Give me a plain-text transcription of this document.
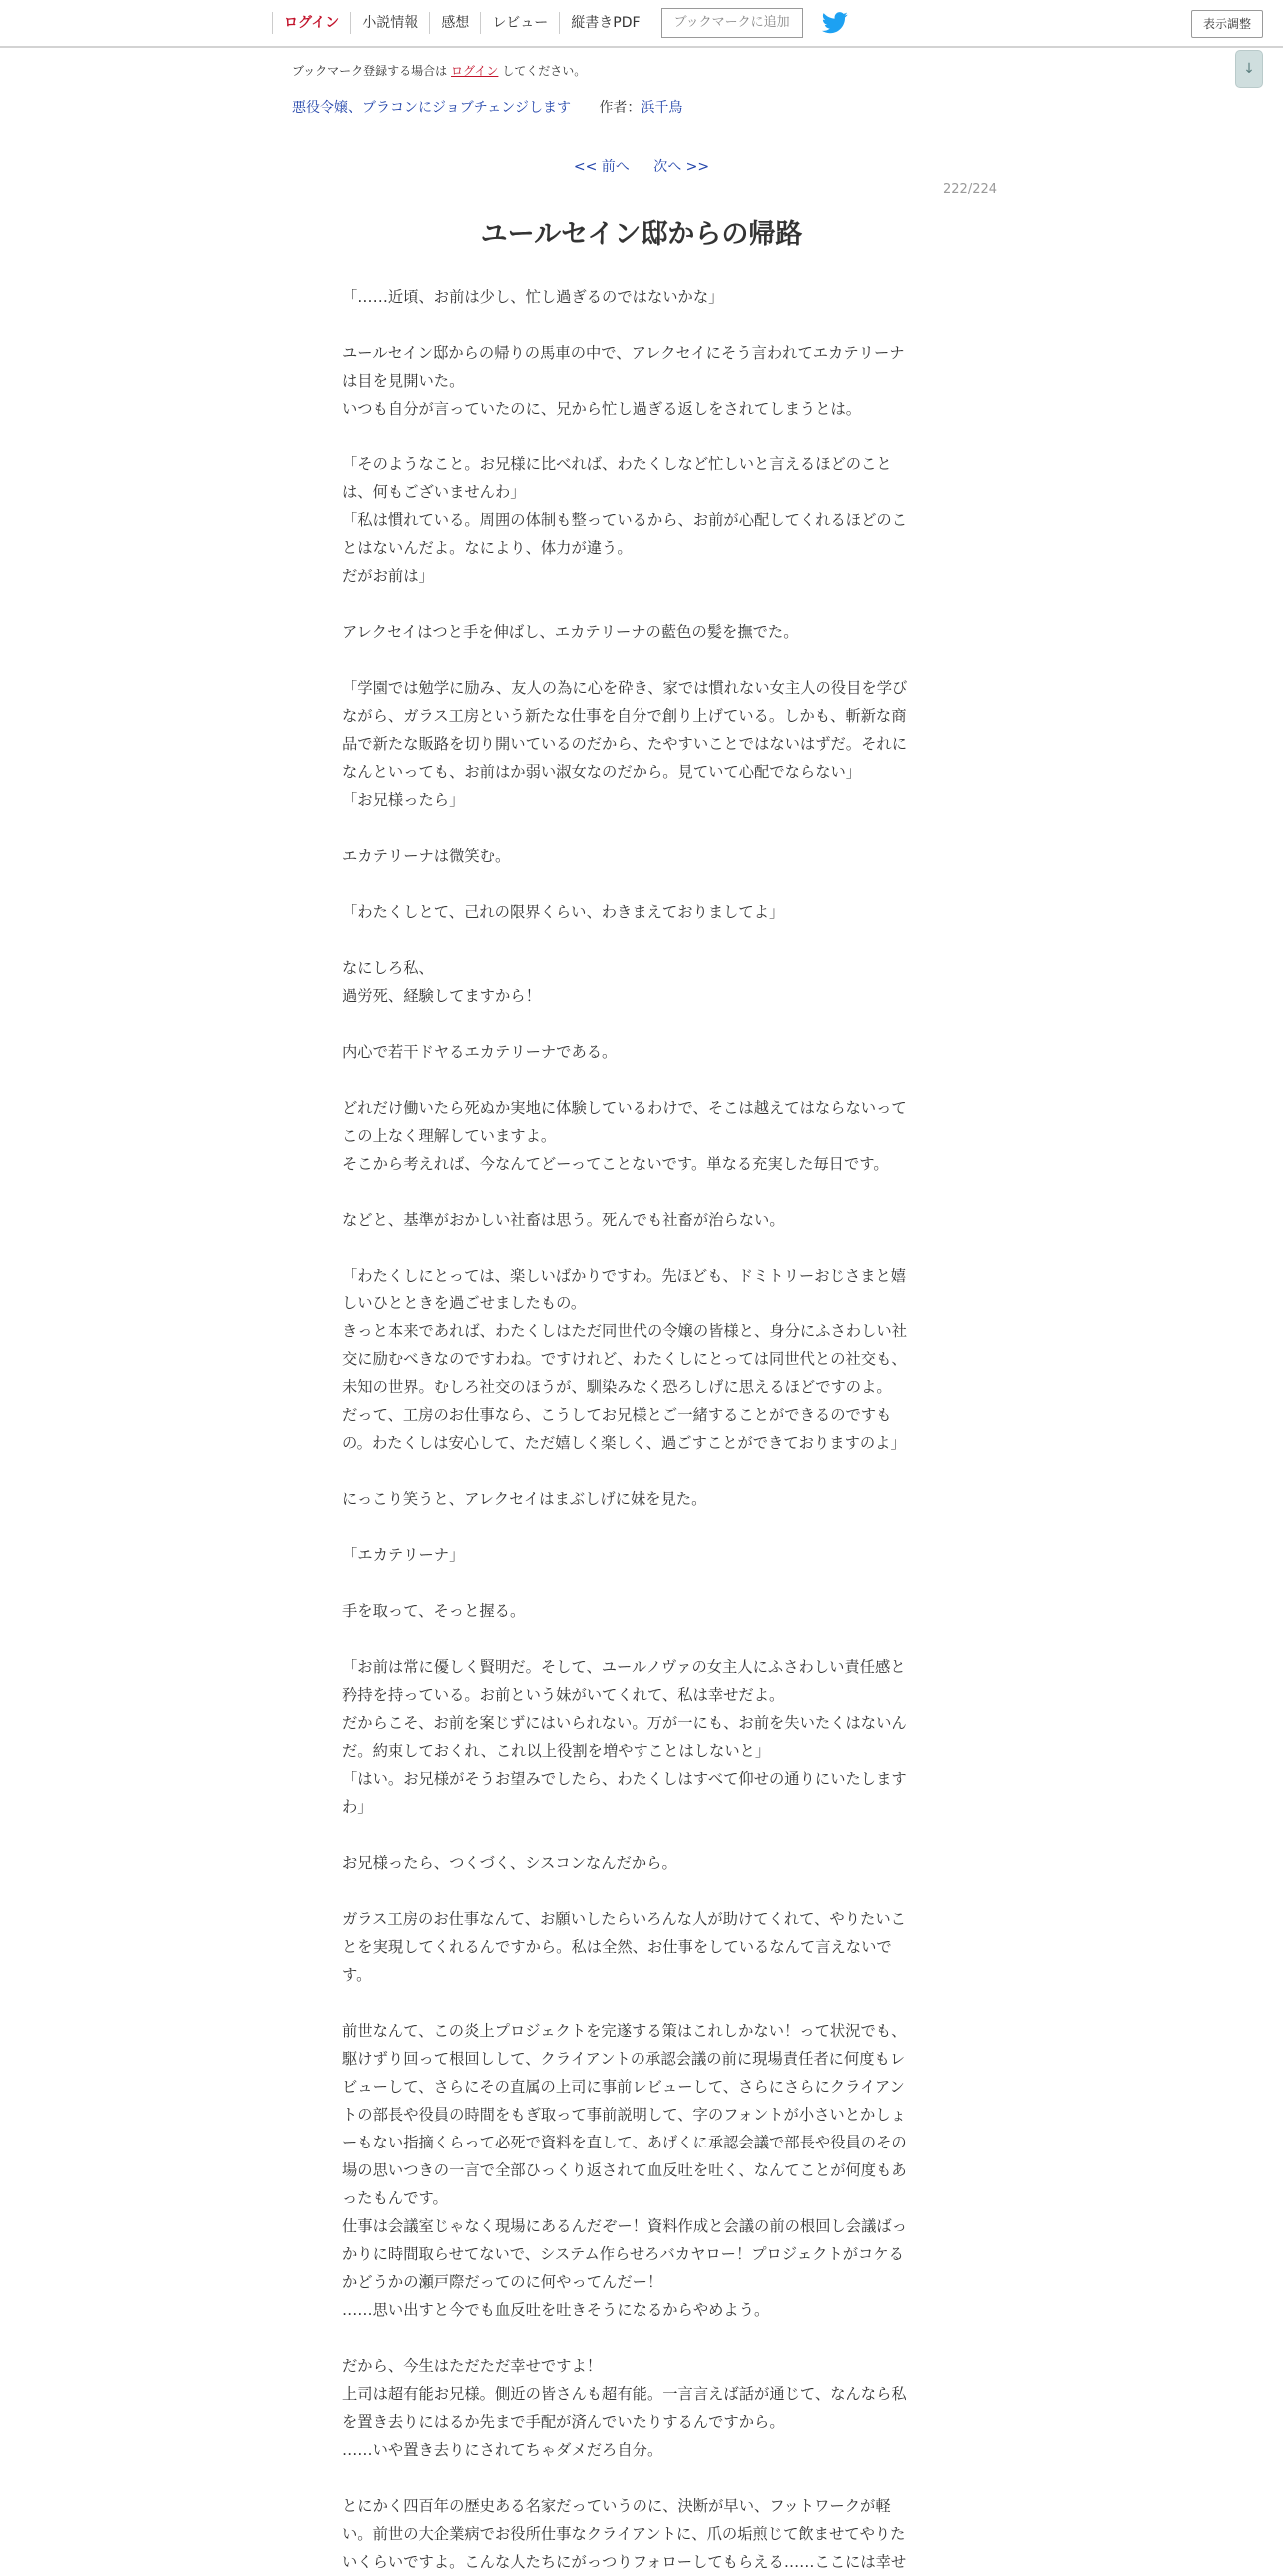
ログイン	小説情報	感想	レビュー	縦書きPDF	ブックマークに追加	表示調整
↓
ブックマーク登録する場合は ログイン してください。
悪役令嬢、ブラコンにジョブチェンジします 作者：浜千鳥
<< 前へ 次へ >>
222/224
ユールセイン邸からの帰路

「……近頃、お前は少し、忙し過ぎるのではないかな」

ユールセイン邸からの帰りの馬車の中で、アレクセイにそう言われてエカテリーナ

は目を見開いた。

いつも自分が言っていたのに、兄から忙し過ぎる返しをされてしまうとは。

「そのようなこと。お兄様に比べれば、わたくしなど忙しいと言えるほどのこと

は、何もございませんわ」

「私は慣れている。周囲の体制も整っているから、お前が心配してくれるほどのこ

とはないんだよ。なにより、体力が違う。

だがお前は」

アレクセイはつと手を伸ばし、エカテリーナの藍色の髪を撫でた。

「学園では勉学に励み、友人の為に心を砕き、家では慣れない女主人の役目を学び

ながら、ガラス工房という新たな仕事を自分で創り上げている。しかも、斬新な商

品で新たな販路を切り開いているのだから、たやすいことではないはずだ。それに

なんといっても、お前はか弱い淑女なのだから。見ていて心配でならない」

「お兄様ったら」

エカテリーナは微笑む。

「わたくしとて、己れの限界くらい、わきまえておりましてよ」

なにしろ私、

過労死、経験してますから！

内心で若干ドヤるエカテリーナである。

どれだけ働いたら死ぬか実地に体験しているわけで、そこは越えてはならないって

この上なく理解していますよ。

そこから考えれば、今なんてどーってことないです。単なる充実した毎日です。

などと、基準がおかしい社畜は思う。死んでも社畜が治らない。

「わたくしにとっては、楽しいばかりですわ。先ほども、ドミトリーおじさまと嬉

しいひとときを過ごせましたもの。

きっと本来であれば、わたくしはただ同世代の令嬢の皆様と、身分にふさわしい社

交に励むべきなのですわね。ですけれど、わたくしにとっては同世代との社交も、

未知の世界。むしろ社交のほうが、馴染みなく恐ろしげに思えるほどですのよ。

だって、工房のお仕事なら、こうしてお兄様とご一緒することができるのですも

の。わたくしは安心して、ただ嬉しく楽しく、過ごすことができておりますのよ」

にっこり笑うと、アレクセイはまぶしげに妹を見た。

「エカテリーナ」

手を取って、そっと握る。

「お前は常に優しく賢明だ。そして、ユールノヴァの女主人にふさわしい責任感と

矜持を持っている。お前という妹がいてくれて、私は幸せだよ。

だからこそ、お前を案じずにはいられない。万が一にも、お前を失いたくはないん

だ。約束しておくれ、これ以上役割を増やすことはしないと」

「はい。お兄様がそうお望みでしたら、わたくしはすべて仰せの通りにいたします

わ」

お兄様ったら、つくづく、シスコンなんだから。

ガラス工房のお仕事なんて、お願いしたらいろんな人が助けてくれて、やりたいこ

とを実現してくれるんですから。私は全然、お仕事をしているなんて言えないで

す。

前世なんて、この炎上プロジェクトを完遂する策はこれしかない！って状況でも、

駆けずり回って根回しして、クライアントの承認会議の前に現場責任者に何度もレ

ビューして、さらにその直属の上司に事前レビューして、さらにさらにクライアン

トの部長や役員の時間をもぎ取って事前説明して、字のフォントが小さいとかしょ

ーもない指摘くらって必死で資料を直して、あげくに承認会議で部長や役員のその

場の思いつきの一言で全部ひっくり返されて血反吐を吐く、なんてことが何度もあ

ったもんです。

仕事は会議室じゃなく現場にあるんだぞー！資料作成と会議の前の根回し会議ばっ

かりに時間取らせてないで、システム作らせろバカヤロー！プロジェクトがコケる

かどうかの瀬戸際だってのに何やってんだー！

……思い出すと今でも血反吐を吐きそうになるからやめよう。

だから、今生はただただ幸せですよ！

上司は超有能お兄様。側近の皆さんも超有能。一言言えば話が通じて、なんなら私

を置き去りにはるか先まで手配が済んでいたりするんですから。

……いや置き去りにされてちゃダメだろ自分。

とにかく四百年の歴史ある名家だっていうのに、決断が早い、フットワークが軽

い。前世の大企業病でお役所仕事なクライアントに、爪の垢煎じて飲ませてやりた

いくらいですよ。こんな人たちにがっつりフォローしてもらえる……ここには幸せ
